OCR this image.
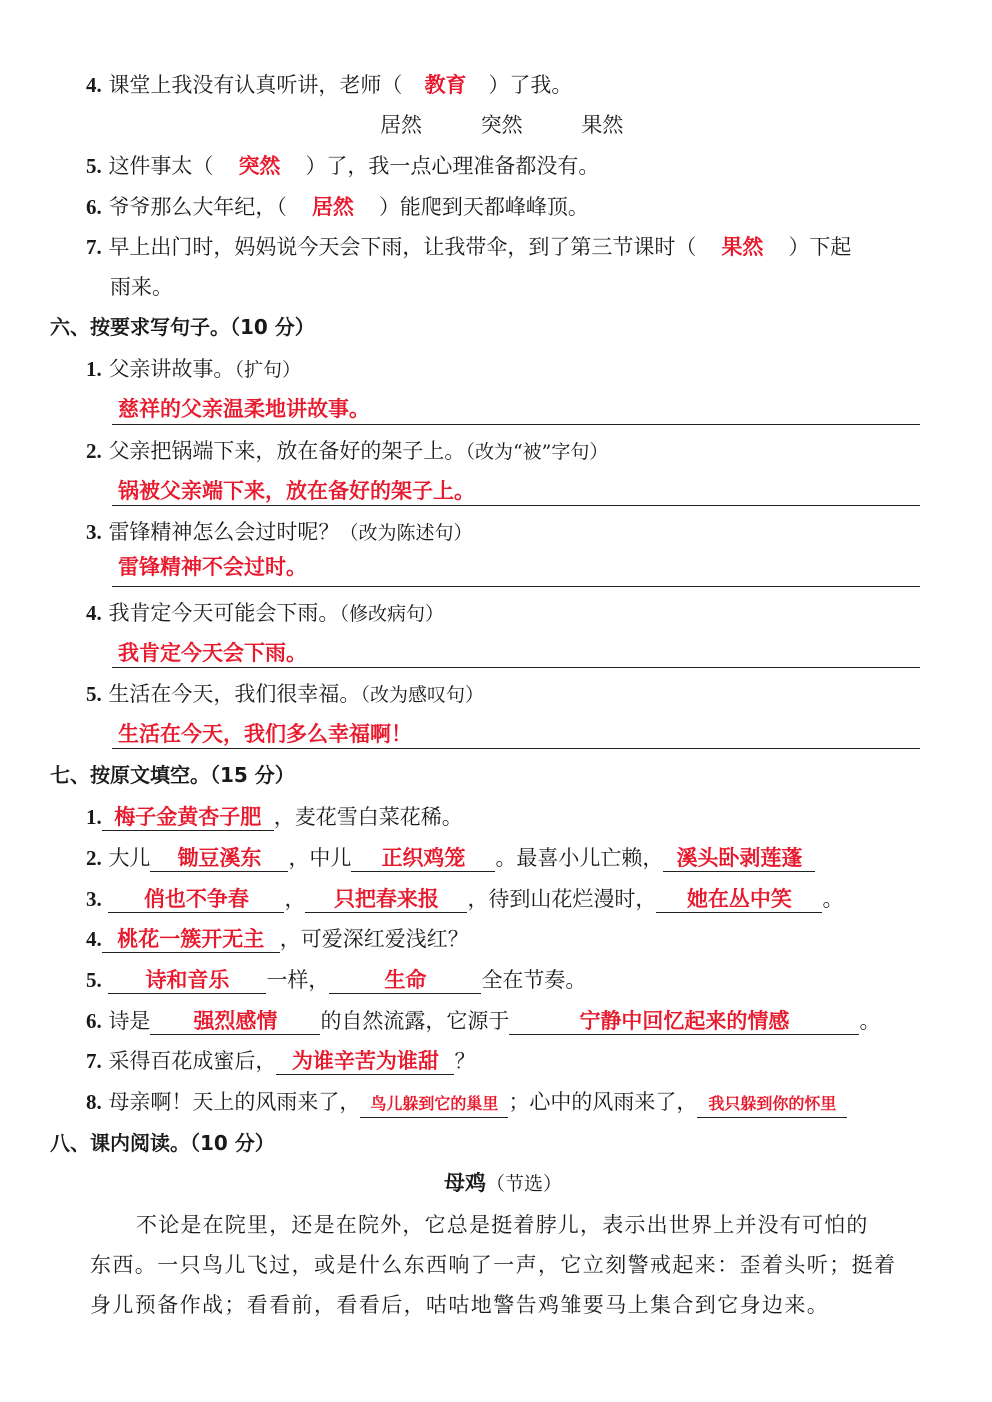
4. 课堂上我没有认真听讲，老师（ 教育 ）了我。
居然	突然	果然
5. 这件事太（ 突然 ）了，我一点心理准备都没有。
6. 爷爷那么大年纪，（ 居然 ）能爬到天都峰峰顶。
7. 早上出门时，妈妈说今天会下雨，让我带伞，到了第三节课时（ 果然 ）下起
雨来。
六、按要求写句子。（10 分）
1. 父亲讲故事。（扩句）
慈祥的父亲温柔地讲故事。
2. 父亲把锅端下来，放在备好的架子上。（改为“被”字句）
锅被父亲端下来，放在备好的架子上。
3. 雷锋精神怎么会过时呢？（改为陈述句）
雷锋精神不会过时。
4. 我肯定今天可能会下雨。（修改病句）
我肯定今天会下雨。
5. 生活在今天，我们很幸福。（改为感叹句）
生活在今天，我们多么幸福啊！
七、按原文填空。（15 分）
1. 梅子金黄杏子肥 ，麦花雪白菜花稀。
2. 大儿 锄豆溪东 ，中儿 正织鸡笼 。最喜小儿亡赖， 溪头卧剥莲蓬
3. 俏也不争春 ， 只把春来报 ，待到山花烂漫时， 她在丛中笑 。
4. 桃花一簇开无主 ，可爱深红爱浅红？
5. 诗和音乐 一样，	生命	全在节奏。
6. 诗是 强烈感情 的自然流露，它源于	宁静中回忆起来的情感	。
7. 采得百花成蜜后， 为谁辛苦为谁甜 ？
8. 母亲啊！天上的风雨来了， 鸟儿躲到它的巢里 ；心中的风雨来了， 我只躲到你的怀里
八、课内阅读。（10 分）
母鸡（节选）
不论是在院里，还是在院外，它总是挺着脖儿，表示出世界上并没有可怕的
东西。一只鸟儿飞过，或是什么东西响了一声，它立刻警戒起来：歪着头听；挺着
身儿预备作战；看看前，看看后，咕咕地警告鸡雏要马上集合到它身边来。
